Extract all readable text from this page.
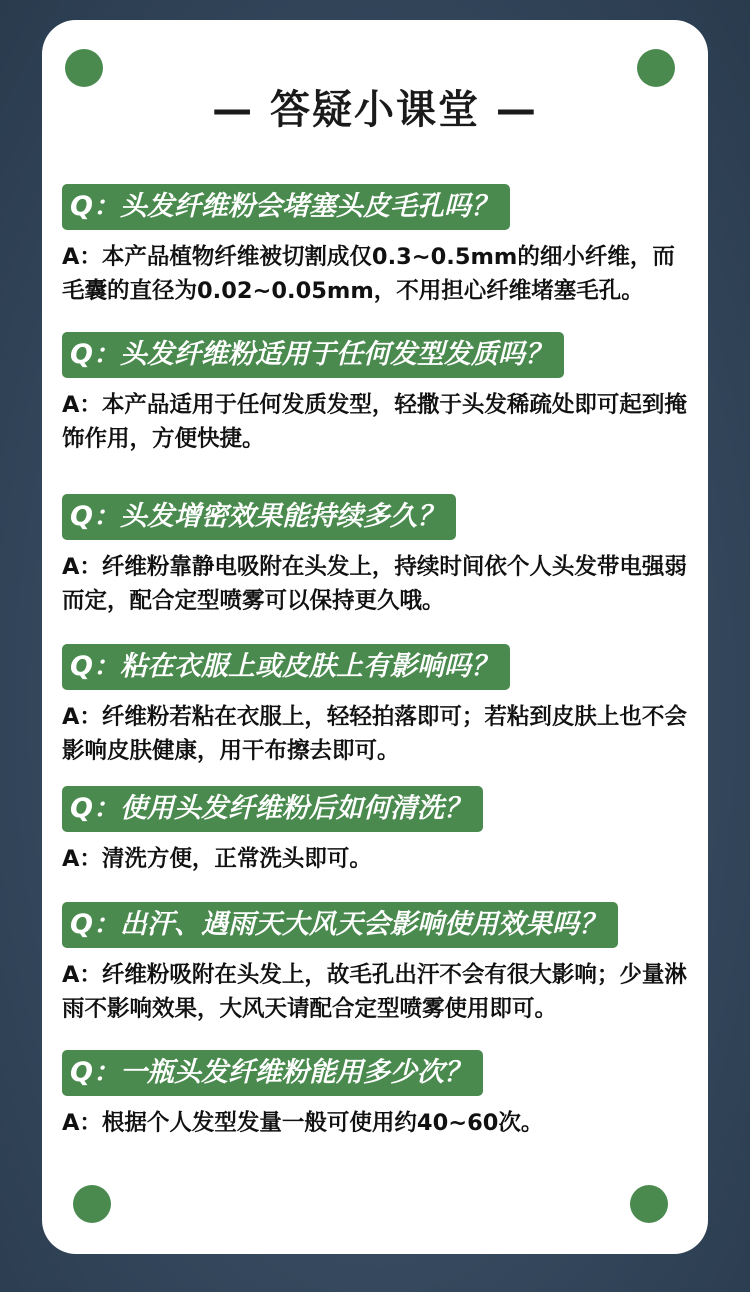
— 答疑小课堂 —
Q：头发纤维粉会堵塞头皮毛孔吗？
A：本产品植物纤维被切割成仅0.3~0.5mm的细小纤维，而毛囊的直径为0.02~0.05mm，不用担心纤维堵塞毛孔。
Q：头发纤维粉适用于任何发型发质吗？
A：本产品适用于任何发质发型，轻撒于头发稀疏处即可起到掩饰作用，方便快捷。
Q：头发增密效果能持续多久？
A：纤维粉靠静电吸附在头发上，持续时间依个人头发带电强弱而定，配合定型喷雾可以保持更久哦。
Q：粘在衣服上或皮肤上有影响吗？
A：纤维粉若粘在衣服上，轻轻拍落即可；若粘到皮肤上也不会影响皮肤健康，用干布擦去即可。
Q：使用头发纤维粉后如何清洗？
A：清洗方便，正常洗头即可。
Q：出汗、遇雨天大风天会影响使用效果吗？
A：纤维粉吸附在头发上，故毛孔出汗不会有很大影响；少量淋雨不影响效果，大风天请配合定型喷雾使用即可。
Q：一瓶头发纤维粉能用多少次？
A：根据个人发型发量一般可使用约40~60次。
